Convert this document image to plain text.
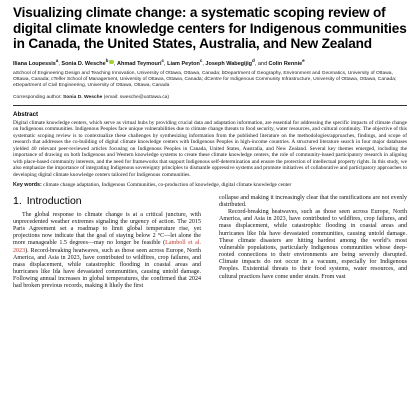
Visualizing climate change: a systematic scoping review of digital climate knowledge centers for Indigenous communities in Canada, the United States, Australia, and New Zealand
Iliana Loupessis$^a$, Sonia D. Wesche$^b$, Ahmad Teymouri$^c$, Liam Peyton$^c$, Joseph Wabegijig$^d$, and Colin Rennie$^e$
aSchool of Engineering Design and Teaching Innovation, University of Ottawa, Ottawa, Canada; bDepartment of Geography, Environment and Geomatics, University of Ottawa, Ottawa, Canada; cTelfer School of Management, University of Ottawa, Ottawa, Canada; dCentre for Indigenous Community Infrastructure, University of Ottawa, Ottawa, Canada; eDepartment of Civil Engineering, University of Ottawa, Ottawa, Canada
Corresponding author: Sonia D. Wesche (email: swesche@uottawa.ca)
Abstract

Digital climate knowledge centers, which serve as virtual hubs by providing crucial data and adaptation information, are essential for addressing the specific impacts of climate change on Indigenous communities. Indigenous Peoples face unique vulnerabilities due to climate change threats to food security, water resources, and cultural continuity. The objective of this systematic scoping review is to contextualize these challenges by synthesizing information from the published literature on the methodologies/approaches, findings, and scope of research that addresses the co-building of digital climate knowledge centers with Indigenous Peoples in high-income countries. A structured literature search in four major databases yielded 40 relevant peer-reviewed articles focusing on Indigenous Peoples in Canada, United States, Australia, and New Zealand. Several key themes emerged, including the importance of drawing on both Indigenous and Western knowledge systems to create these climate knowledge centers, the role of community-based participatory research in aligning with place-based community interests, and the need for frameworks that support Indigenous self-determination and ensure the protection of intellectual property rights. In this study, we also emphasize the importance of integrating Indigenous sovereignty principles to dismantle oppressive systems and promote initiatives of collaborative and participatory approaches to developing digital climate knowledge centers tailored for Indigenous communities.

Key words: climate change adaptation, Indigenous Communities, co-production of knowledge, digital climate knowledge center
1. Introduction

The global response to climate change is at a critical juncture, with unprecedented weather extremes signaling the urgency of action. The 2015 Paris Agreement set a roadmap to limit global temperature rise, yet projections now indicate that the goal of staying below 2 °C—let alone the more manageable 1.5 degrees—may no longer be feasible (Lamboll et al. 2023). Record-breaking heatwaves, such as those seen across Europe, North America, and Asia in 2023, have contributed to wildfires, crop failures, and mass displacement, while catastrophic flooding in coastal areas and hurricanes like Ida have devastated communities, causing untold damage. Following annual increases in global temperatures, the confirmed that 2024 had broken previous records, making it likely the first

collapse and making it increasingly clear that the ramifications are not evenly distributed.

Record-breaking heatwaves, such as those seen across Europe, North America, and Asia in 2023, have contributed to wildfires, crop failures, and mass displacement, while catastrophic flooding in coastal areas and hurricanes like Ida have devastated communities, causing untold damage. These climate disasters are hitting hardest among the world’s most vulnerable populations, particularly Indigenous communities whose deep-rooted connections to their environments are being severely disrupted. Climate impacts do not occur in a vacuum, especially for Indigenous Peoples. Existential threats to their food systems, water resources, and cultural practices have come under strain. From vast
